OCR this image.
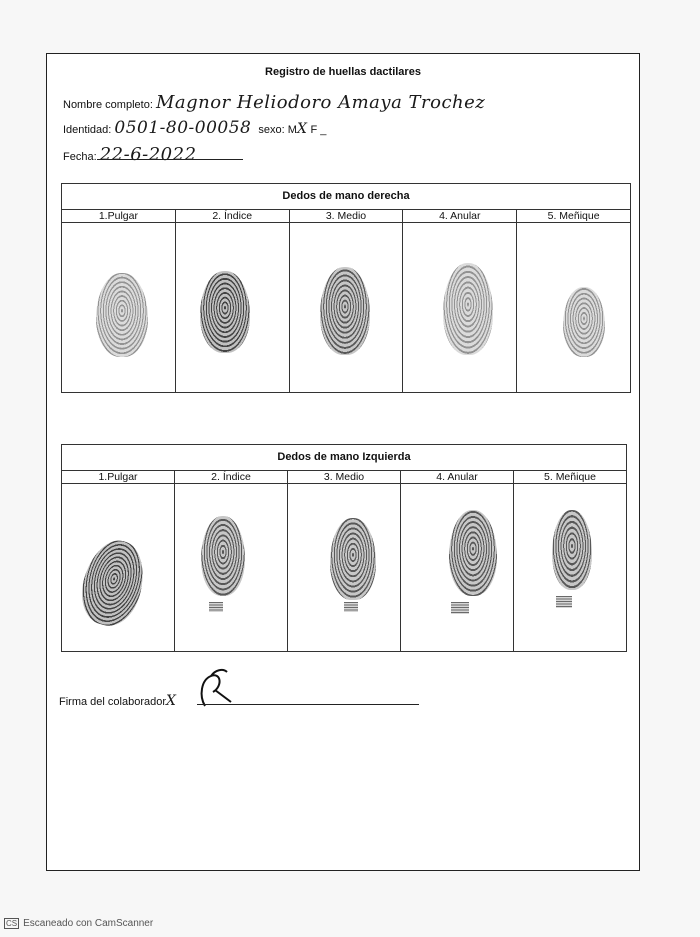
Registro de huellas dactilares
Nombre completo: Magnor Heliodoro Amaya Trochez
Identidad: 0501-80-00058 sexo: MX F _
Fecha: 22-6-2022
Dedos de mano derecha
1.Pulgar	2. Índice	3. Medio	4. Anular	5. Meñique
Dedos de mano Izquierda
1.Pulgar	2. Índice	3. Medio	4. Anular	5. Meñique
Firma del colaboradorX
CS Escaneado con CamScanner
